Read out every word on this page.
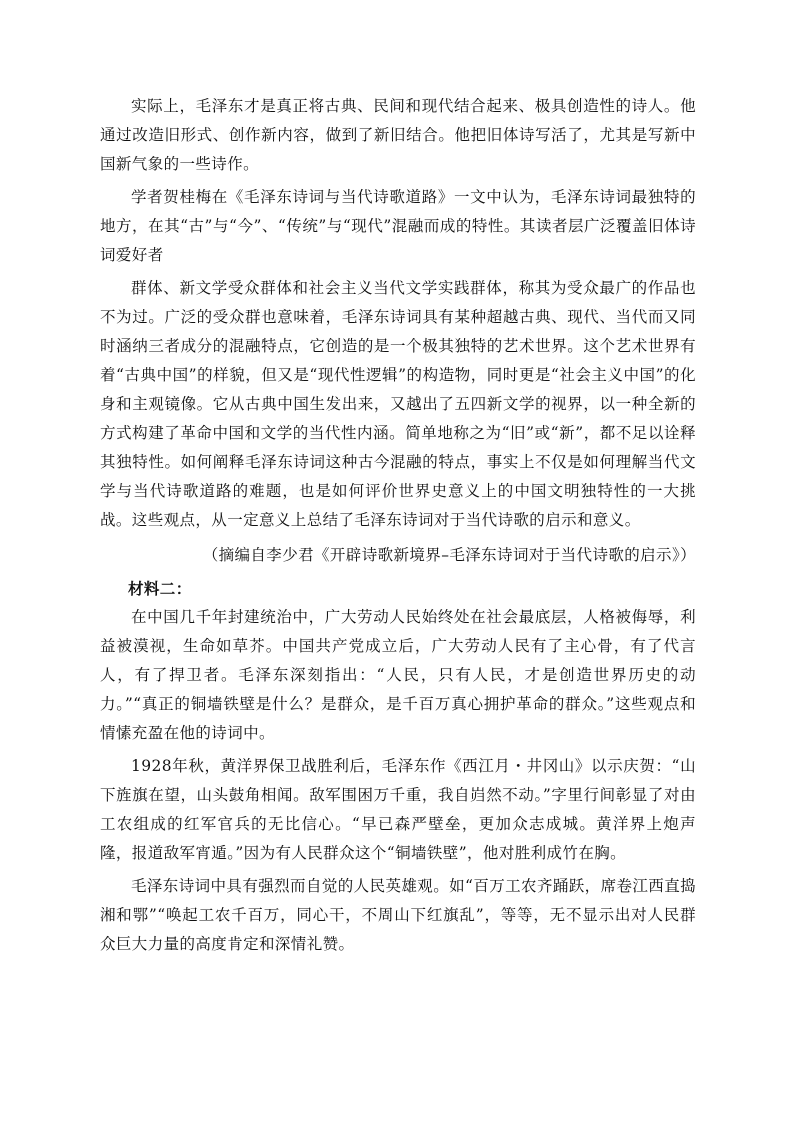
实际上，毛泽东才是真正将古典、民间和现代结合起来、极具创造性的诗人。他通过改造旧形式、创作新内容，做到了新旧结合。他把旧体诗写活了，尤其是写新中国新气象的一些诗作。

学者贺桂梅在《毛泽东诗词与当代诗歌道路》一文中认为，毛泽东诗词最独特的地方，在其“古”与“今”、“传统”与“现代”混融而成的特性。其读者层广泛覆盖旧体诗词爱好者

群体、新文学受众群体和社会主义当代文学实践群体，称其为受众最广的作品也不为过。广泛的受众群也意味着，毛泽东诗词具有某种超越古典、现代、当代而又同时涵纳三者成分的混融特点，它创造的是一个极其独特的艺术世界。这个艺术世界有着“古典中国”的样貌，但又是“现代性逻辑”的构造物，同时更是“社会主义中国”的化身和主观镜像。它从古典中国生发出来，又越出了五四新文学的视界，以一种全新的方式构建了革命中国和文学的当代性内涵。简单地称之为“旧”或“新”，都不足以诠释其独特性。如何阐释毛泽东诗词这种古今混融的特点，事实上不仅是如何理解当代文学与当代诗歌道路的难题，也是如何评价世界史意义上的中国文明独特性的一大挑战。这些观点，从一定意义上总结了毛泽东诗词对于当代诗歌的启示和意义。

（摘编自李少君《开辟诗歌新境界–毛泽东诗词对于当代诗歌的启示》）

材料二：

在中国几千年封建统治中，广大劳动人民始终处在社会最底层，人格被侮辱，利益被漠视，生命如草芥。中国共产党成立后，广大劳动人民有了主心骨，有了代言人，有了捍卫者。毛泽东深刻指出：“人民，只有人民，才是创造世界历史的动力。”“真正的铜墙铁壁是什么？是群众，是千百万真心拥护革命的群众。”这些观点和情愫充盈在他的诗词中。

1928年秋，黄洋界保卫战胜利后，毛泽东作《西江月・井冈山》以示庆贺：“山下旌旗在望，山头鼓角相闻。敌军围困万千重，我自岿然不动。”字里行间彰显了对由工农组成的红军官兵的无比信心。“早已森严壁垒，更加众志成城。黄洋界上炮声隆，报道敌军宵遁。”因为有人民群众这个“铜墙铁壁”，他对胜利成竹在胸。

毛泽东诗词中具有强烈而自觉的人民英雄观。如“百万工农齐踊跃，席卷江西直捣湘和鄂”“唤起工农千百万，同心干，不周山下红旗乱”，等等，无不显示出对人民群众巨大力量的高度肯定和深情礼赞。
